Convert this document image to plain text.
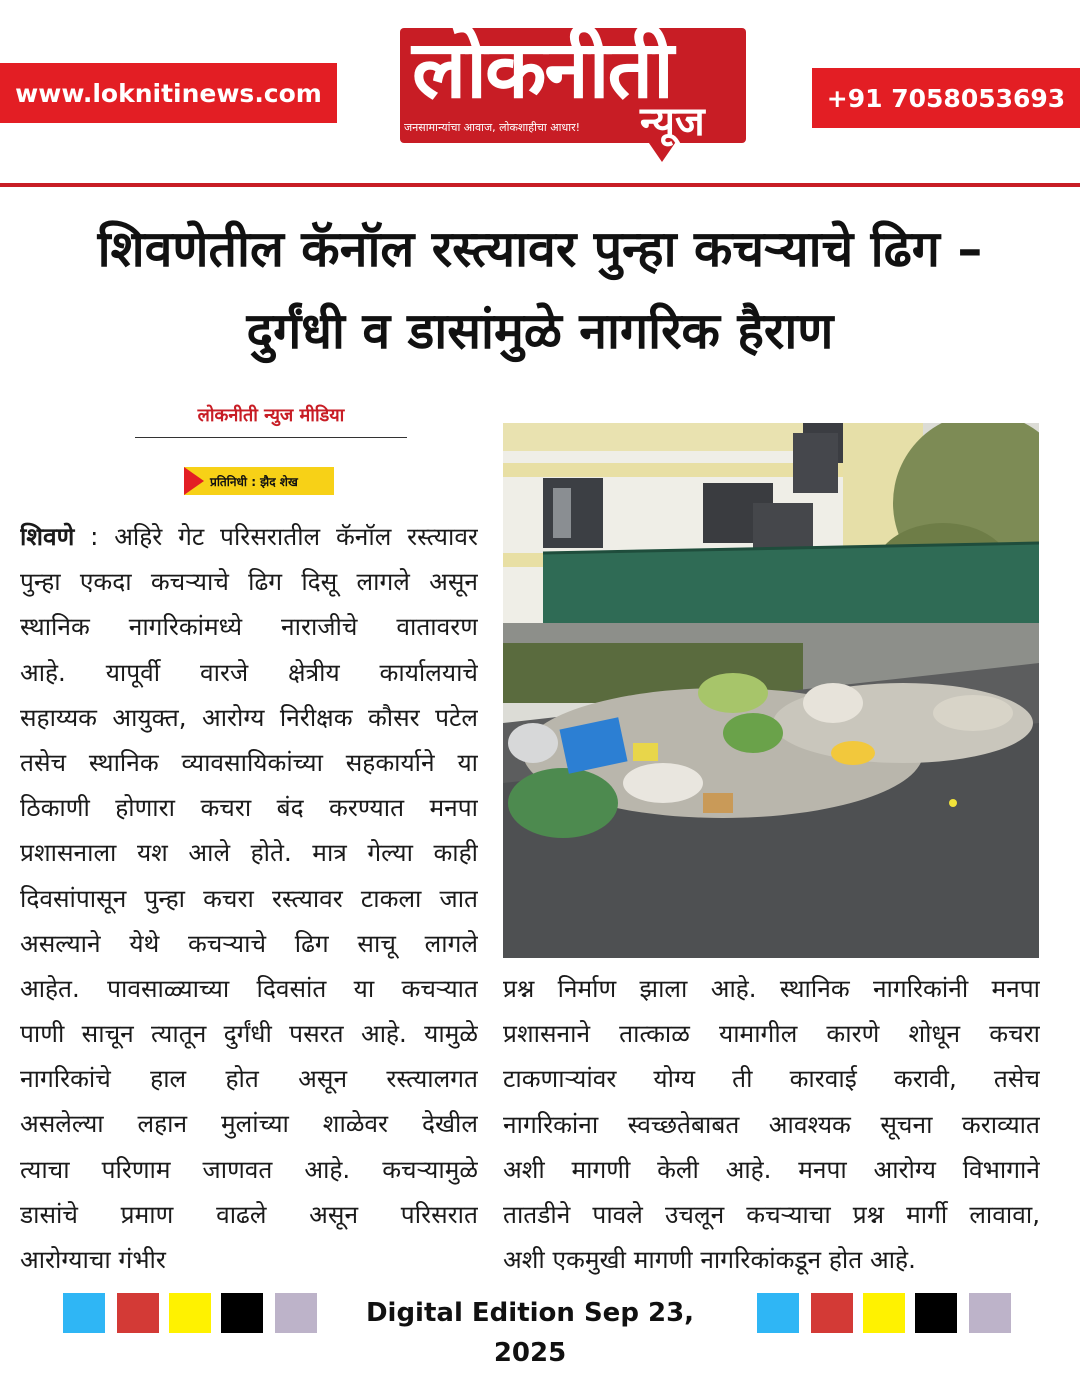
www.loknitinews.com	+91 7058053693
लोकनीती
न्यूज
जनसामान्यांचा आवाज, लोकशाहीचा आधार!
शिवणेतील कॅनॉल रस्त्यावर पुन्हा कचऱ्याचे ढिग –
दुर्गंधी व डासांमुळे नागरिक हैराण
लोकनीती न्युज मीडिया
प्रतिनिधी : झैद शेख
शिवणे : अहिरे गेट परिसरातील कॅनॉल रस्त्यावर
पुन्हा एकदा कचऱ्याचे ढिग दिसू लागले असून
स्थानिक नागरिकांमध्ये नाराजीचे वातावरण
आहे. यापूर्वी वारजे क्षेत्रीय कार्यालयाचे
सहाय्यक आयुक्त, आरोग्य निरीक्षक कौसर पटेल
तसेच स्थानिक व्यावसायिकांच्या सहकार्याने या
ठिकाणी होणारा कचरा बंद करण्यात मनपा
प्रशासनाला यश आले होते. मात्र गेल्या काही
दिवसांपासून पुन्हा कचरा रस्त्यावर टाकला जात
असल्याने येथे कचऱ्याचे ढिग साचू लागले
आहेत. पावसाळ्याच्या दिवसांत या कचऱ्यात
पाणी साचून त्यातून दुर्गंधी पसरत आहे. यामुळे
नागरिकांचे हाल होत असून रस्त्यालगत
असलेल्या लहान मुलांच्या शाळेवर देखील
त्याचा परिणाम जाणवत आहे. कचऱ्यामुळे
डासांचे प्रमाण वाढले असून परिसरात
आरोग्याचा गंभीर
प्रश्न निर्माण झाला आहे. स्थानिक नागरिकांनी मनपा
प्रशासनाने तात्काळ यामागील कारणे शोधून कचरा
टाकणाऱ्यांवर योग्य ती कारवाई करावी, तसेच
नागरिकांना स्वच्छतेबाबत आवश्यक सूचना कराव्यात
अशी मागणी केली आहे. मनपा आरोग्य विभागाने
तातडीने पावले उचलून कचऱ्याचा प्रश्न मार्गी लावावा,
अशी एकमुखी मागणी नागरिकांकडून होत आहे.
Digital Edition Sep 23, 2025
